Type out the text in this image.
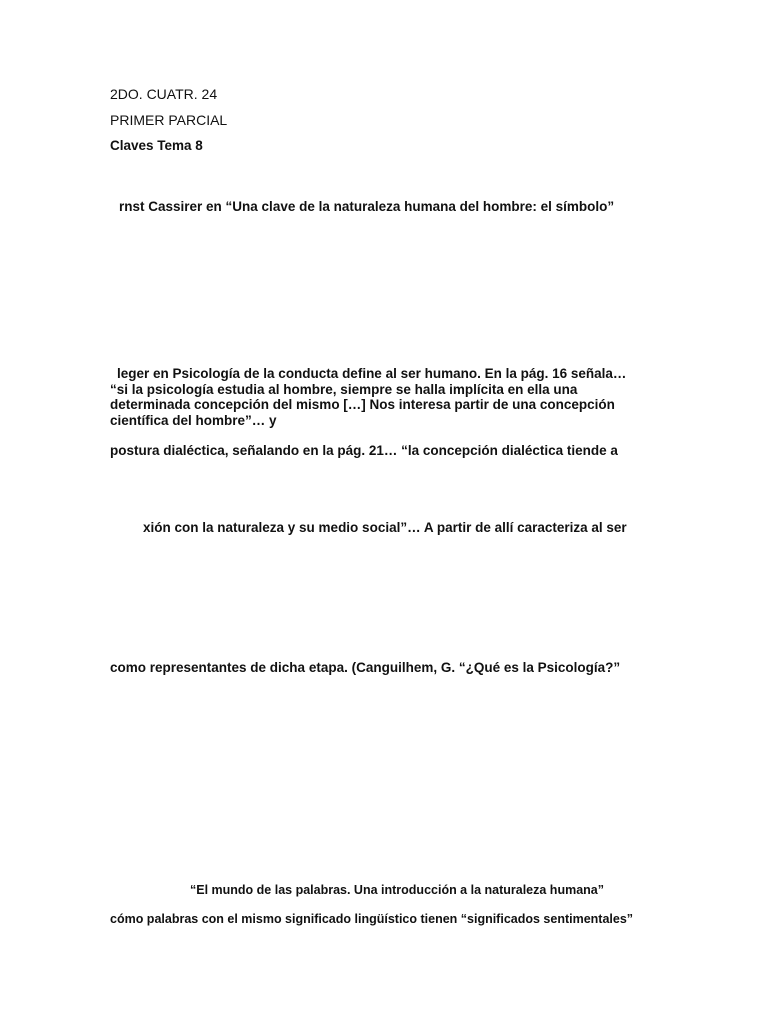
2DO. CUATR. 24
PRIMER PARCIAL
Claves Tema 8
rnst Cassirer en “Una clave de la naturaleza humana del hombre: el símbolo”
leger en Psicología de la conducta define al ser humano. En la pág. 16 señala…
“si la psicología estudia al hombre, siempre se halla implícita en ella una
determinada concepción del mismo […] Nos interesa partir de una concepción
científica del hombre”… y
postura dialéctica, señalando en la pág. 21… “la concepción dialéctica tiende a
xión con la naturaleza y su medio social”… A partir de allí caracteriza al ser
como representantes de dicha etapa. (Canguilhem, G. “¿Qué es la Psicología?”
“El mundo de las palabras. Una introducción a la naturaleza humana”
cómo palabras con el mismo significado lingüístico tienen “significados sentimentales”
